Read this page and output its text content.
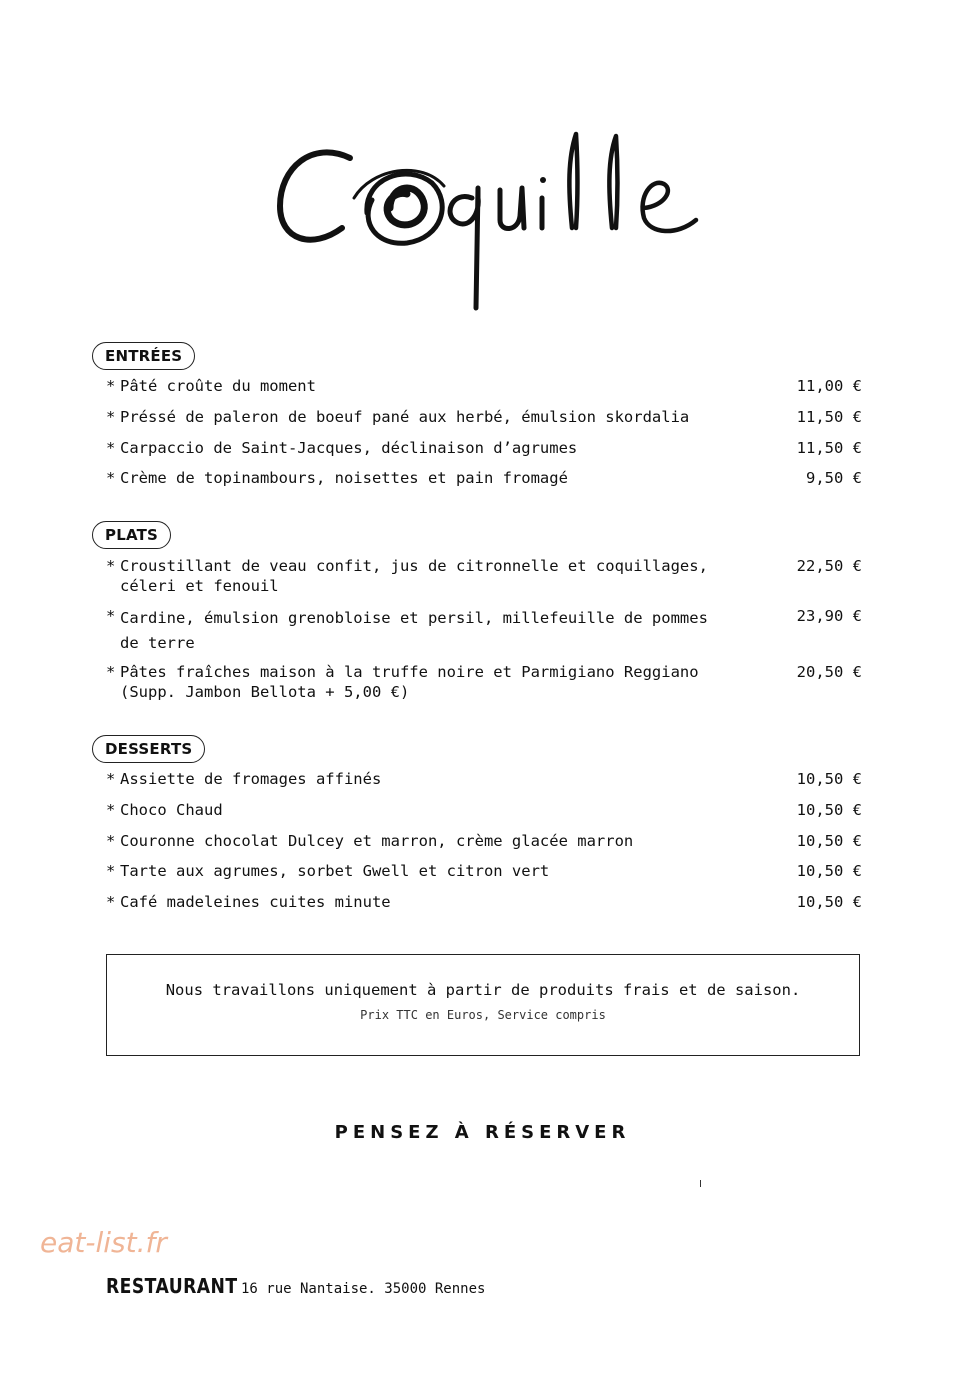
ENTRÉES
* Pâté croûte du moment	11,00 €
* Préssé de paleron de boeuf pané aux herbé, émulsion skordalia	11,50 €
* Carpaccio de Saint-Jacques, déclinaison d’agrumes	11,50 €
* Crème de topinambours, noisettes et pain fromagé	9,50 €
PLATS
* Croustillant de veau confit, jus de citronnelle et coquillages,
céleri et fenouil
22,50 €
* Cardine, émulsion grenobloise et persil, millefeuille de pommes
de terre
23,90 €
* Pâtes fraîches maison à la truffe noire et Parmigiano Reggiano
(Supp. Jambon Bellota + 5,00 €)
20,50 €
DESSERTS
* Assiette de fromages affinés	10,50 €
* Choco Chaud	10,50 €
* Couronne chocolat Dulcey et marron, crème glacée marron	10,50 €
* Tarte aux agrumes, sorbet Gwell et citron vert	10,50 €
* Café madeleines cuites minute	10,50 €
Nous travaillons uniquement à partir de produits frais et de saison.
Prix TTC en Euros, Service compris
PENSEZ À RÉSERVER
eat-list.fr
RESTAURANT 16 rue Nantaise. 35000 Rennes
